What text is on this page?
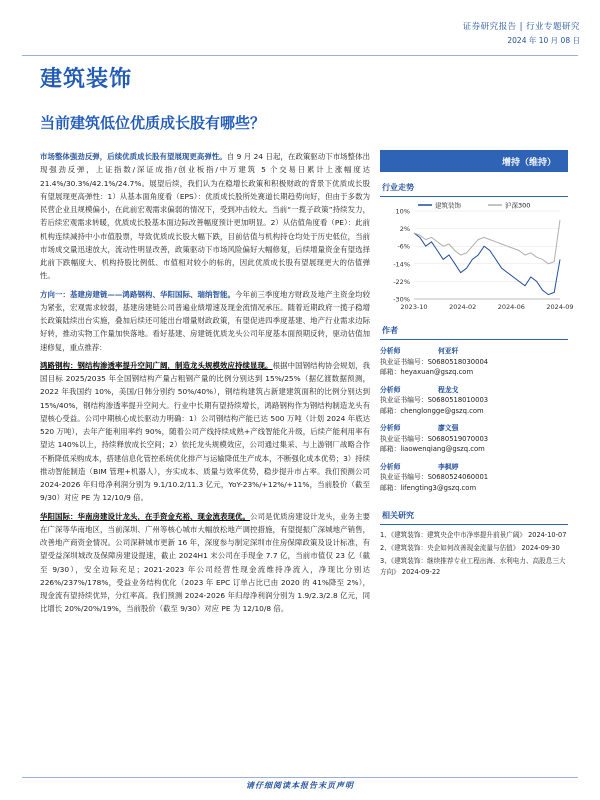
证券研究报告 | 行业专题研究
2024 年 10 月 08 日
建筑装饰
当前建筑低位优质成长股有哪些？
市场整体强劲反弹，后续优质成长股有望展现更高弹性。自 9 月 24 日起，在政策驱动下市场整体出现强劲反弹，上证指数/深证成指/创业板指/中万建筑 5 个交易日累计上涨幅度达 21.4%/30.3%/42.1%/24.7%。展望后续，我们认为在稳增长政策和积极财政的背景下优质成长股有望展现更高弹性：1）从基本面角度看（EPS）：优质成长股所处赛道长期趋势向好，但由于多数为民营企业且规模偏小，在此前宏观需求偏弱的情况下，受到冲击较大。当前“一揽子政策”持续发力，若后续宏观需求转暖，优质成长股基本面边际改善幅度预计更加明显。2）从估值角度看（PE）：此前机构连续减持中小市值股票，导致优质成长股大幅下跌，目前估值与机构持仓均处于历史低位，当前市场成交量迅速放大，流动性明显改善，政策驱动下市场风险偏好大幅修复，后续增量资金有望选择此前下跌幅度大、机构持股比例低、市值相对较小的标的，因此优质成长股有望展现更大的估值弹性。
方向一：基建房建链——鸿路钢构、华阳国际、瑞纳智能。今年前三季度地方财政及地产主资金均较为紧张，宏观需求较弱，基建房建链公司普遍业绩增速及现金流情况承压。随着近期政府一揽子稳增长政策陆续出台实施，叠加后续还可能出台增量财政政策，有望促进四季度基建、地产行业需求边际好转，推动实物工作量加快落地。看好基建、房建链优质龙头公司年度基本面预期反转，驱动估值加速修复，重点推荐：
鸿路钢构：钢结构渗透率提升空间广阔，制造龙头规模效应持续显现。根据中国钢结构协会规划，我国目标 2025/2035 年全国钢结构产量占粗钢产量的比例分别达到 15%/25%（据亿渡数据预测，2022 年我国约 10%，美国/日韩分别约 50%/40%），钢结构建筑占新建建筑面积的比例分别达到 15%/40%，钢结构渗透率提升空间大。行业中长期有望持续增长，鸿路钢构作为钢结构制造龙头有望核心受益。公司中期核心成长驱动力明确：1）公司钢结构产能已达 500 万吨（计划 2024 年底达 520 万吨），去年产能利用率约 90%，随着公司产线持续成熟+产线智能化升级，后续产能利用率有望达 140%以上，持续释放成长空间；2）依托龙头规模效应，公司通过集采、与上游钢厂战略合作不断降低采购成本，搭建信息化管控系统优化排产与运输降低生产成本，不断强化成本优势；3）持续推动智能制造（BIM 管理+机器人），夯实成本、质量与效率优势，稳步提升市占率。我们预测公司 2024-2026 年归母净利润分别为 9.1/10.2/11.3 亿元，YoY-23%/+12%/+11%，当前股价（截至 9/30）对应 PE 为 12/10/9 倍。
华阳国际：华南房建设计龙头，在手资金充裕、现金流表现优。公司是优质房建设计龙头，业务主要在广深等华南地区，当前深圳、广州等核心城市大幅放松地产调控措施，有望提振广深城地产销售，改善地产商资金情况。公司深耕城市更新 16 年，深度参与制定深圳市住房保障政策及设计标准，有望受益深圳城改及保障房建设提速，截止 2024H1 末公司在手现金 7.7 亿，当前市值仅 23 亿（截至 9/30），安全边际充足；2021-2023 年公司经营性现金流维持净流入，净现比分别达 226%/237%/178%，受益业务结构优化（2023 年 EPC 订单占比已由 2020 的 41%降至 2%），现金流有望持续优异，分红率高。我们预测 2024-2026 年归母净利润分别为 1.9/2.3/2.8 亿元，同比增长 20%/20%/19%，当前股价（截至 9/30）对应 PE 为 12/10/8 倍。
增持（维持）
行业走势
10%
2%
-6%
-14%
-22%
-30%
2023-10	2024-02	2024-06	2024-09
建筑装饰	沪深300
作者
分析师	何亚轩
执业证书编号：S0680518030004
邮箱：heyaxuan@gszq.com
分析师	程龙戈
执业证书编号：S0680518010003
邮箱：chenglongge@gszq.com
分析师	廖文强
执业证书编号：S0680519070003
邮箱：liaowenqiang@gszq.com
分析师	李枫婷
执业证书编号：S0680524060001
邮箱：lifengting3@gszq.com
相关研究
1、《建筑装饰：建筑央企中市净率提升前景广阔》 2024-10-07
2、《建筑装饰：央企如何改善现金流量与估值》 2024-09-30
3、《建筑装饰：继续推荐专业工程出海、水利电力、高股息三大方向》 2024-09-22
请仔细阅读本报告末页声明
